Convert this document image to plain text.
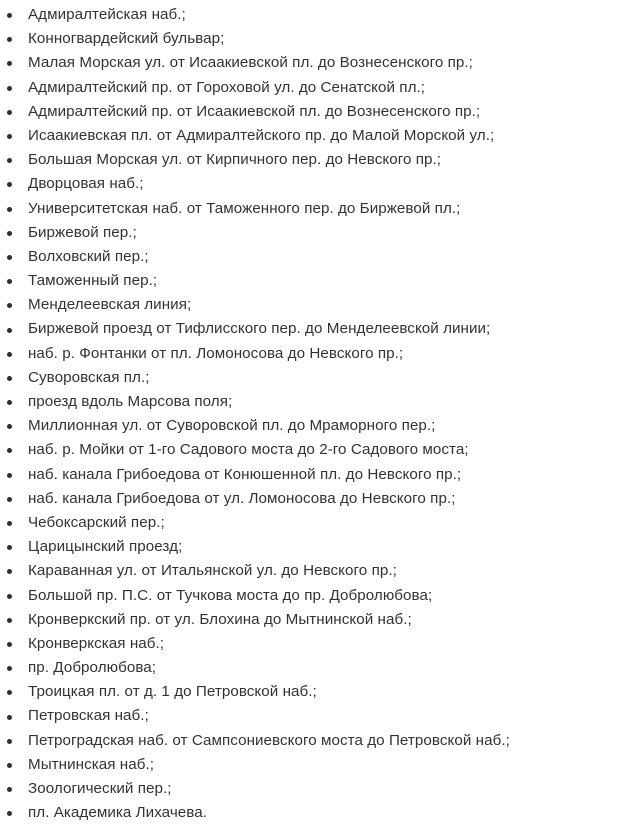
Адмиралтейская наб.;
Конногвардейский бульвар;
Малая Морская ул. от Исаакиевской пл. до Вознесенского пр.;
Адмиралтейский пр. от Гороховой ул. до Сенатской пл.;
Адмиралтейский пр. от Исаакиевской пл. до Вознесенского пр.;
Исаакиевская пл. от Адмиралтейского пр. до Малой Морской ул.;
Большая Морская ул. от Кирпичного пер. до Невского пр.;
Дворцовая наб.;
Университетская наб. от Таможенного пер. до Биржевой пл.;
Биржевой пер.;
Волховский пер.;
Таможенный пер.;
Менделеевская линия;
Биржевой проезд от Тифлисского пер. до Менделеевской линии;
наб. р. Фонтанки от пл. Ломоносова до Невского пр.;
Суворовская пл.;
проезд вдоль Марсова поля;
Миллионная ул. от Суворовской пл. до Мраморного пер.;
наб. р. Мойки от 1-го Садового моста до 2-го Садового моста;
наб. канала Грибоедова от Конюшенной пл. до Невского пр.;
наб. канала Грибоедова от ул. Ломоносова до Невского пр.;
Чебоксарский пер.;
Царицынский проезд;
Караванная ул. от Итальянской ул. до Невского пр.;
Большой пр. П.С. от Тучкова моста до пр. Добролюбова;
Кронверкский пр. от ул. Блохина до Мытнинской наб.;
Кронверкская наб.;
пр. Добролюбова;
Троицкая пл. от д. 1 до Петровской наб.;
Петровская наб.;
Петроградская наб. от Сампсониевского моста до Петровской наб.;
Мытнинская наб.;
Зоологический пер.;
пл. Академика Лихачева.
